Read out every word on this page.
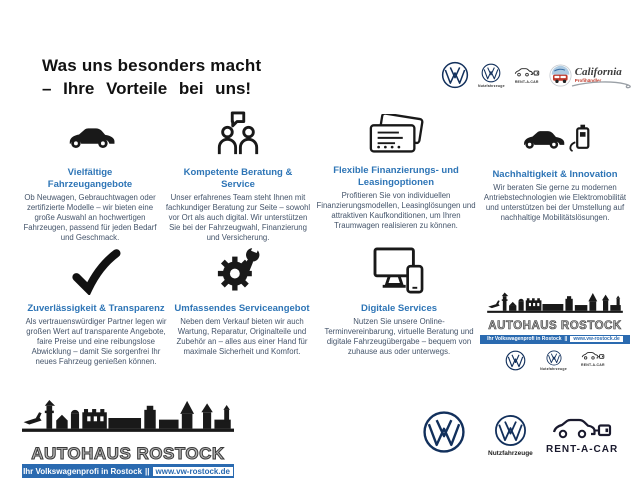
Was uns besonders macht
– Ihre Vorteile bei uns!	Nutzfahrzeuge
RENT-A-CAR
California
Profihändler
Vielfältige Fahrzeugangebote
Ob Neuwagen, Gebrauchtwagen oder zertifizierte Modelle – wir bieten eine große Auswahl an hochwertigen Fahrzeugen, passend für jeden Bedarf und Geschmack.
Kompetente Beratung & Service
Unser erfahrenes Team steht Ihnen mit fachkundiger Beratung zur Seite – sowohl vor Ort als auch digital. Wir unterstützen Sie bei der Fahrzeugwahl, Finanzierung und Versicherung.
Flexible Finanzierungs- und Leasingoptionen
Profitieren Sie von individuellen Finanzierungsmodellen, Leasinglösungen und attraktiven Kaufkonditionen, um Ihren Traumwagen realisieren zu können.
Nachhaltigkeit & Innovation
Wir beraten Sie gerne zu modernen Antriebstechnologien wie Elektromobilität und unterstützen bei der Umstellung auf nachhaltige Mobilitätslösungen.
Zuverlässigkeit & Transparenz
Als vertrauenswürdiger Partner legen wir großen Wert auf transparente Angebote, faire Preise und eine reibungslose Abwicklung – damit Sie sorgenfrei Ihr neues Fahrzeug genießen können.
Umfassendes Serviceangebot
Neben dem Verkauf bieten wir auch Wartung, Reparatur, Originalteile und Zubehör an – alles aus einer Hand für maximale Sicherheit und Komfort.
Digitale Services
Nutzen Sie unsere Online-Terminvereinbarung, virtuelle Beratung und digitale Fahrzeugübergabe – bequem von zuhause aus oder unterwegs.
AUTOHAUS ROSTOCK
Ihr Volkswagenprofi in Rostock ||	www.vw-rostock.de
Nutzfahrzeuge
RENT-A-CAR
AUTOHAUS ROSTOCK
Ihr Volkswagenprofi in Rostock || www.vw-rostock.de
Nutzfahrzeuge RENT-A-CAR
